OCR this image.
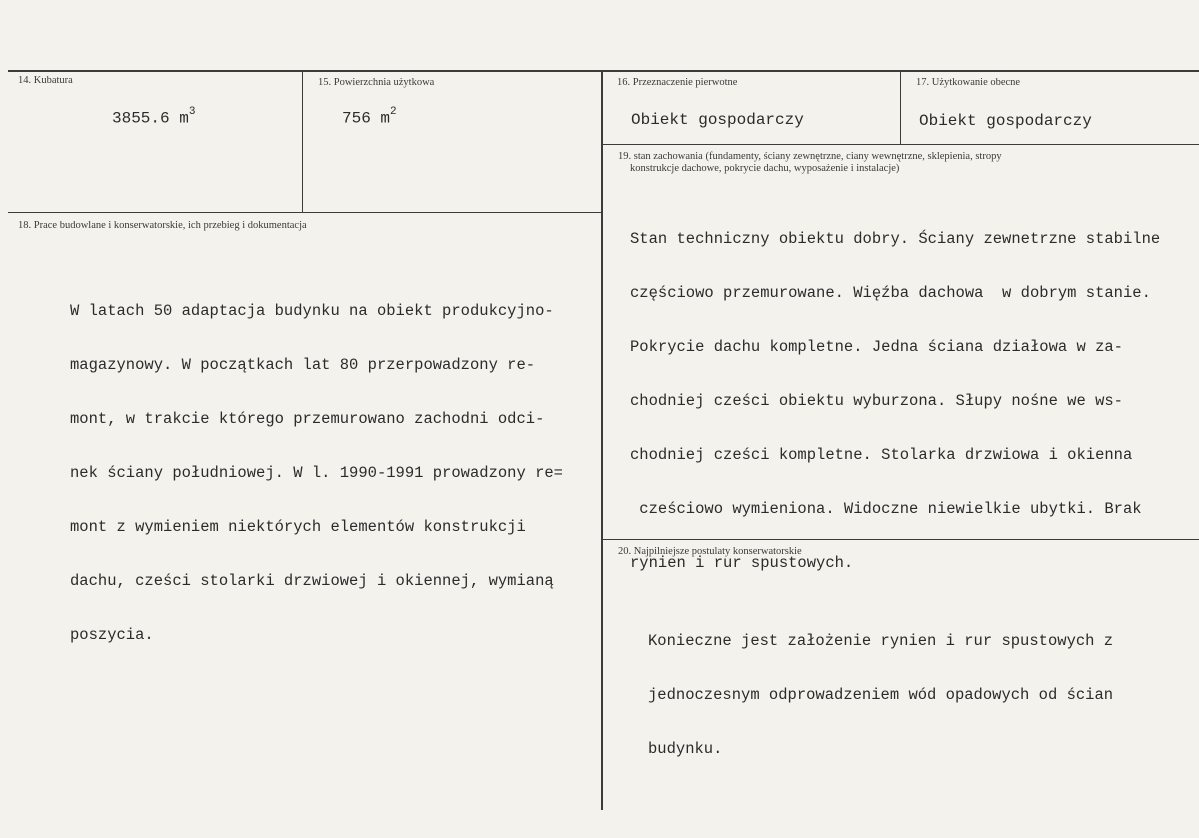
14. Kubatura
3855.6 $m^3$
15. Powierzchnia użytkowa
756 $m^2$
16. Przeznaczenie pierwotne
Obiekt gospodarczy
17. Użytkowanie obecne
Obiekt gospodarczy
18. Prace budowlane i konserwatorskie, ich przebieg i dokumentacja

W latach 50 adaptacja budynku na obiekt produkcyjno-

magazynowy. W początkach lat 80 przerpowadzony re-

mont, w trakcie którego przemurowano zachodni odci-

nek ściany południowej. W l. 1990-1991 prowadzony re=

mont z wymieniem niektórych elementów konstrukcji

dachu, cześci stolarki drzwiowej i okiennej, wymianą

poszycia.

19. stan zachowania (fundamenty, ściany zewnętrzne, ciany wewnętrzne, sklepienia, stropy
konstrukcje dachowe, pokrycie dachu, wyposażenie i instalacje)

Stan techniczny obiektu dobry. Ściany zewnetrzne stabilne

częściowo przemurowane. Więźba dachowa  w dobrym stanie.

Pokrycie dachu kompletne. Jedna ściana działowa w za-

chodniej cześci obiektu wyburzona. Słupy nośne we ws-

chodniej cześci kompletne. Stolarka drzwiowa i okienna

cześciowo wymieniona. Widoczne niewielkie ubytki. Brak

rynien i rur spustowych.

20. Najpilniejsze postulaty konserwatorskie

Konieczne jest założenie rynien i rur spustowych z

jednoczesnym odprowadzeniem wód opadowych od ścian

budynku.
